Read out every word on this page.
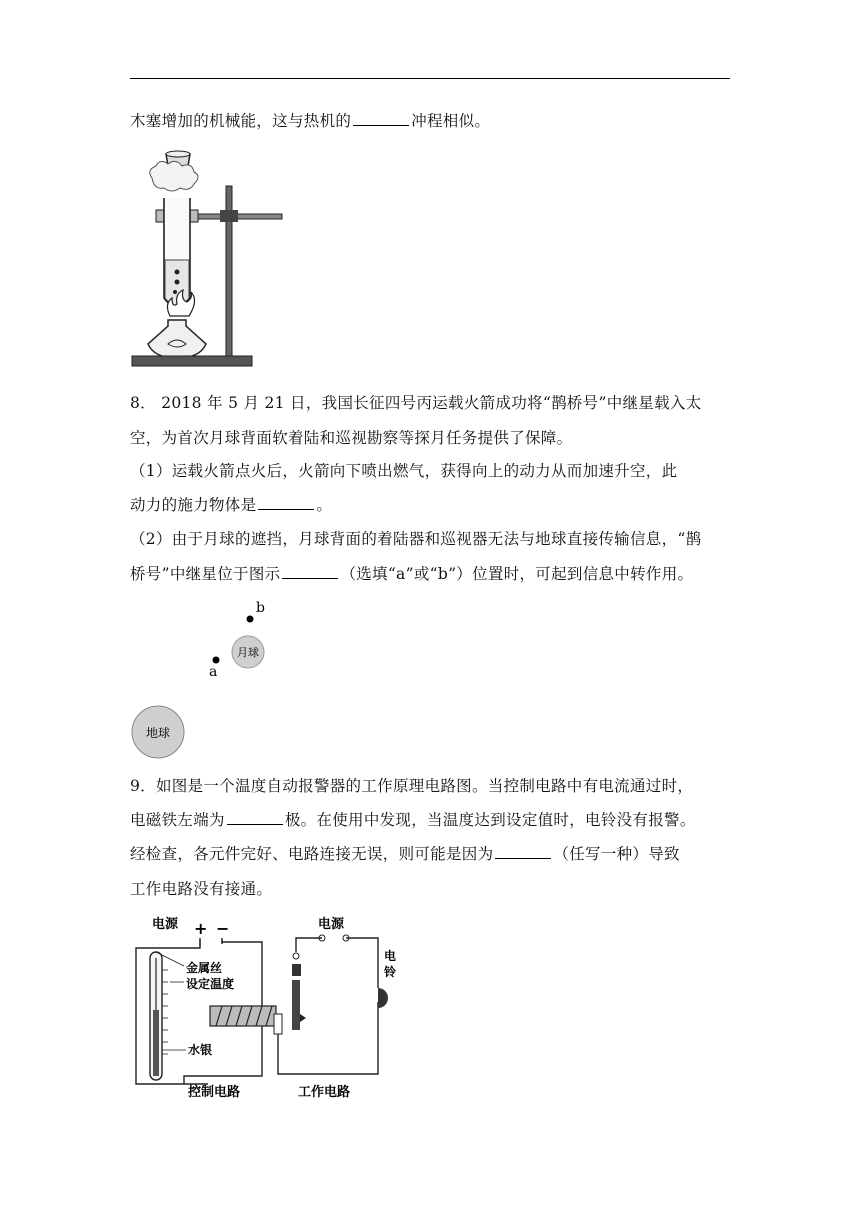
木塞增加的机械能，这与热机的	冲程相似。
8． 2018 年 5 月 21 日，我国长征四号丙运载火箭成功将“鹊桥号”中继星载入太
空，为首次月球背面软着陆和巡视勘察等探月任务提供了保障。
（1）运载火箭点火后，火箭向下喷出燃气，获得向上的动力从而加速升空，此
动力的施力物体是	。
（2）由于月球的遮挡，月球背面的着陆器和巡视器无法与地球直接传输信息，“鹊
桥号”中继星位于图示	（选填“a”或“b”）位置时，可起到信息中转作用。
b
月球
a
地球
9．如图是一个温度自动报警器的工作原理电路图。当控制电路中有电流通过时，
电磁铁左端为	极。在使用中发现，当温度达到设定值时，电铃没有报警。
经检查，各元件完好、电路连接无误，则可能是因为	（任写一种）导致
工作电路没有接通。
电源 + −
金属丝
设定温度
水银
电源
电
铃
控制电路	工作电路
